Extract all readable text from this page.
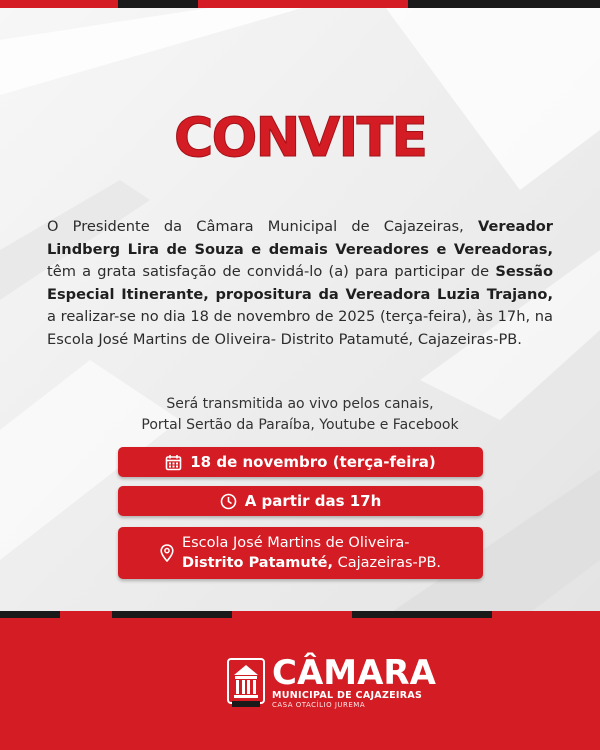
CONVITE

O Presidente da Câmara Municipal de Cajazeiras, Vereador Lindberg Lira de Souza e demais Vereadores e Vereadoras, têm a grata satisfação de convidá-lo (a) para participar de Sessão Especial Itinerante, propositura da Vereadora Luzia Trajano, a realizar-se no dia 18 de novembro de 2025 (terça-feira), às 17h, na Escola José Martins de Oliveira- Distrito Patamuté, Cajazeiras-PB.

Será transmitida ao vivo pelos canais,
Portal Sertão da Paraíba, Youtube e Facebook
18 de novembro (terça-feira)
A partir das 17h
Escola José Martins de Oliveira-
Distrito Patamuté, Cajazeiras-PB.
CÂMARA
MUNICIPAL DE CAJAZEIRAS
CASA OTACÍLIO JUREMA
